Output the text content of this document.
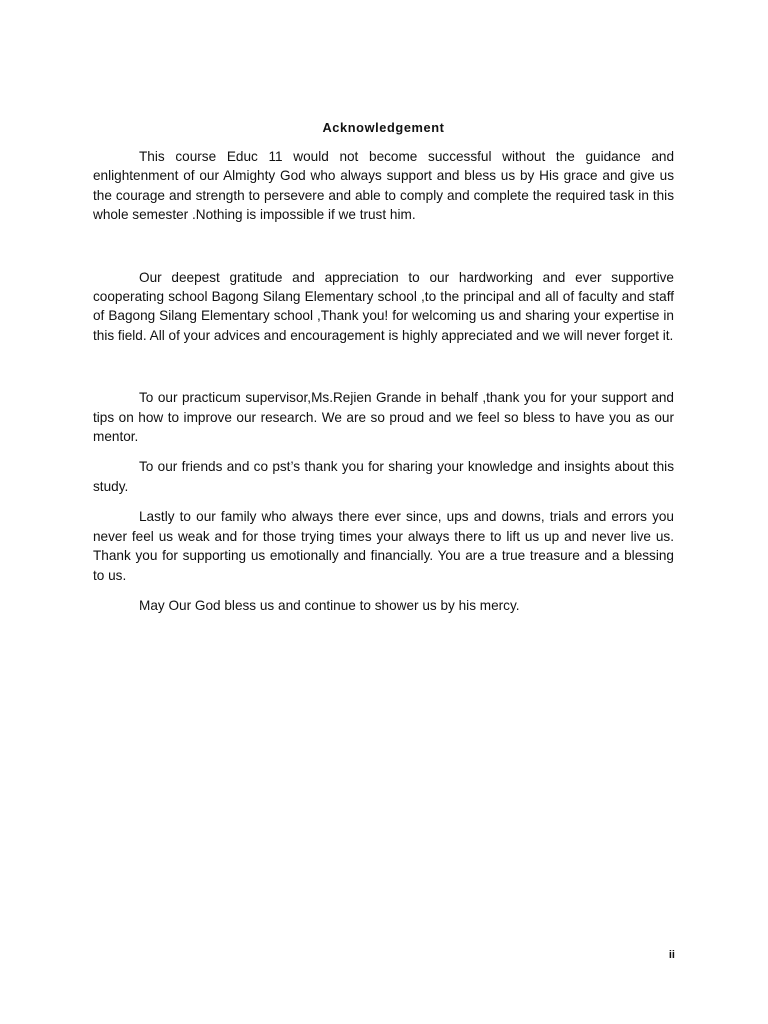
Acknowledgement

This course Educ 11 would not become successful without the guidance and enlightenment of our Almighty God who always support and bless us by His grace and give us the courage and strength to persevere and able to comply and complete the required task in this whole semester .Nothing is impossible if we trust him.

Our deepest gratitude and appreciation to our hardworking and ever supportive cooperating school Bagong Silang Elementary school ,to the principal and all of faculty and staff of Bagong Silang Elementary school ,Thank you! for welcoming us and sharing your expertise in this field. All of your advices and encouragement is highly appreciated and we will never forget it.

To our practicum supervisor,Ms.Rejien Grande in behalf ,thank you for your support and tips on how to improve our research. We are so proud and we feel so bless to have you as our mentor.

To our friends and co pst’s thank you for sharing your knowledge and insights about this study.

Lastly to our family who always there ever since, ups and downs, trials and errors you never feel us weak and for those trying times your always there to lift us up and never live us. Thank you for supporting us emotionally and financially. You are a true treasure and a blessing to us.

May Our God bless us and continue to shower us by his mercy.

ii
